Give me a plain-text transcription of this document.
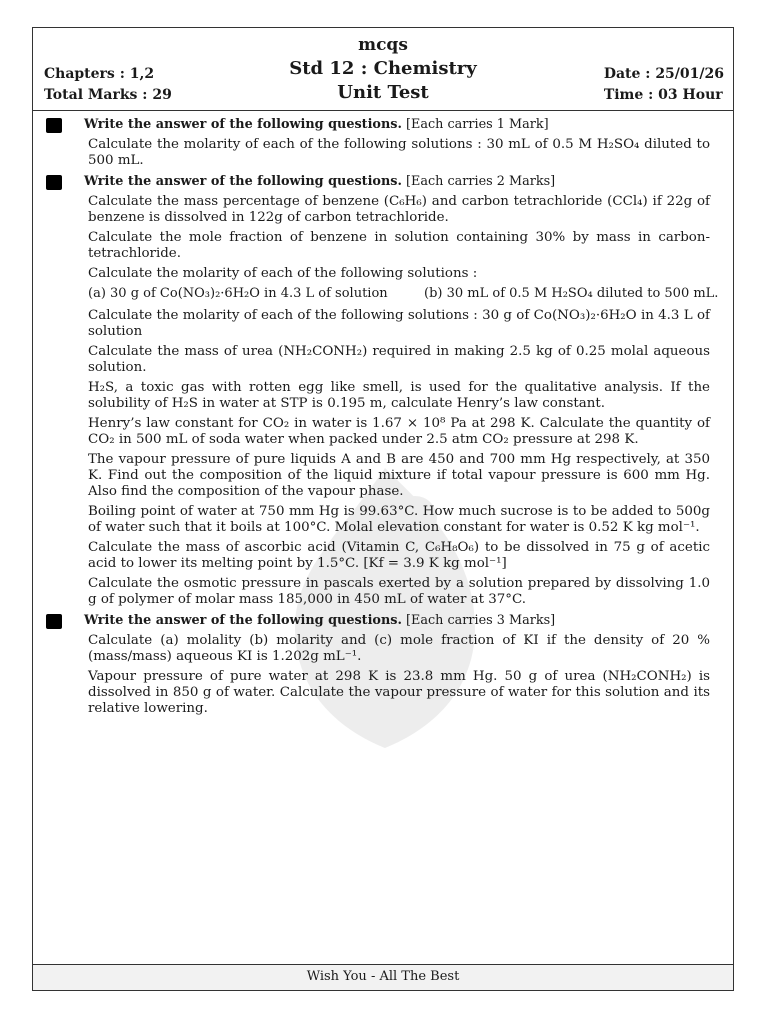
mcqs
Std 12 : Chemistry
Unit Test
Chapters : 1,2
Total Marks : 29
Date : 25/01/26
Time : 03 Hour
Write the answer of the following questions. [Each carries 1 Mark]
Calculate the molarity of each of the following solutions : 30 mL of 0.5 M H₂SO₄ diluted to 500 mL.
Write the answer of the following questions. [Each carries 2 Marks]
Calculate the mass percentage of benzene (C₆H₆) and carbon tetrachloride (CCl₄) if 22g of benzene is dissolved in 122g of carbon tetrachloride.
Calculate the mole fraction of benzene in solution containing 30% by mass in carbon-tetrachloride.
Calculate the molarity of each of the following solutions :
(a) 30 g of Co(NO₃)₂·6H₂O in 4.3 L of solution	(b) 30 mL of 0.5 M H₂SO₄ diluted to 500 mL.
Calculate the molarity of each of the following solutions : 30 g of Co(NO₃)₂·6H₂O in 4.3 L of solution
Calculate the mass of urea (NH₂CONH₂) required in making 2.5 kg of 0.25 molal aqueous solution.
H₂S, a toxic gas with rotten egg like smell, is used for the qualitative analysis. If the solubility of H₂S in water at STP is 0.195 m, calculate Henry’s law constant.
Henry’s law constant for CO₂ in water is 1.67 × 10⁸ Pa at 298 K. Calculate the quantity of CO₂ in 500 mL of soda water when packed under 2.5 atm CO₂ pressure at 298 K.
The vapour pressure of pure liquids A and B are 450 and 700 mm Hg respectively, at 350 K. Find out the composition of the liquid mixture if total vapour pressure is 600 mm Hg. Also find the composition of the vapour phase.
Boiling point of water at 750 mm Hg is 99.63°C. How much sucrose is to be added to 500g of water such that it boils at 100°C. Molal elevation constant for water is 0.52 K kg mol⁻¹.
Calculate the mass of ascorbic acid (Vitamin C, C₆H₈O₆) to be dissolved in 75 g of acetic acid to lower its melting point by 1.5°C. [Kf = 3.9 K kg mol⁻¹]
Calculate the osmotic pressure in pascals exerted by a solution prepared by dissolving 1.0 g of polymer of molar mass 185,000 in 450 mL of water at 37°C.
Write the answer of the following questions. [Each carries 3 Marks]
Calculate (a) molality (b) molarity and (c) mole fraction of KI if the density of 20 % (mass/mass) aqueous KI is 1.202g mL⁻¹.
Vapour pressure of pure water at 298 K is 23.8 mm Hg. 50 g of urea (NH₂CONH₂) is dissolved in 850 g of water. Calculate the vapour pressure of water for this solution and its relative lowering.
Wish You - All The Best
